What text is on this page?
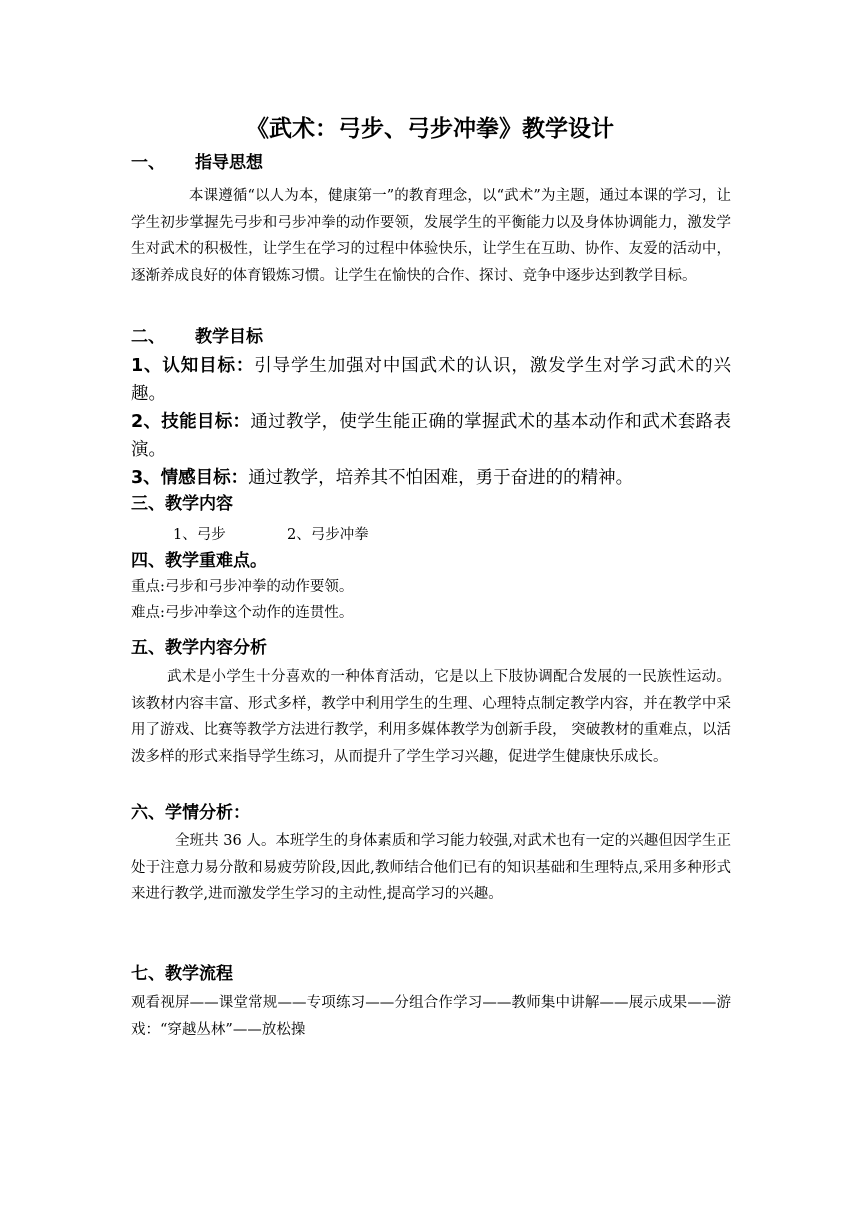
《武术：弓步、弓步冲拳》教学设计
一、 指导思想

本课遵循“以人为本，健康第一”的教育理念，以“武术”为主题，通过本课的学习，让学生初步掌握先弓步和弓步冲拳的动作要领，发展学生的平衡能力以及身体协调能力，激发学生对武术的积极性，让学生在学习的过程中体验快乐，让学生在互助、协作、友爱的活动中，逐渐养成良好的体育锻炼习惯。让学生在愉快的合作、探讨、竞争中逐步达到教学目标。

二、 教学目标

1、认知目标：引导学生加强对中国武术的认识，激发学生对学习武术的兴趣。

2、技能目标：通过教学，使学生能正确的掌握武术的基本动作和武术套路表演。

3、情感目标：通过教学，培养其不怕困难，勇于奋进的的精神。

三、教学内容
1、弓步	2、弓步冲拳
四、教学重难点。
重点:弓步和弓步冲拳的动作要领。
难点:弓步冲拳这个动作的连贯性。
五、教学内容分析

武术是小学生十分喜欢的一种体育活动，它是以上下肢协调配合发展的一民族性运动。该教材内容丰富、形式多样，教学中利用学生的生理、心理特点制定教学内容，并在教学中采用了游戏、比赛等教学方法进行教学，利用多媒体教学为创新手段， 突破教材的重难点，以活泼多样的形式来指导学生练习，从而提升了学生学习兴趣，促进学生健康快乐成长。

六、学情分析：

全班共 36 人。本班学生的身体素质和学习能力较强,对武术也有一定的兴趣但因学生正处于注意力易分散和易疲劳阶段,因此,教师结合他们已有的知识基础和生理特点,采用多种形式来进行教学,进而激发学生学习的主动性,提高学习的兴趣。

七、教学流程

观看视屏——课堂常规——专项练习——分组合作学习——教师集中讲解——展示成果——游戏：“穿越丛林”——放松操
